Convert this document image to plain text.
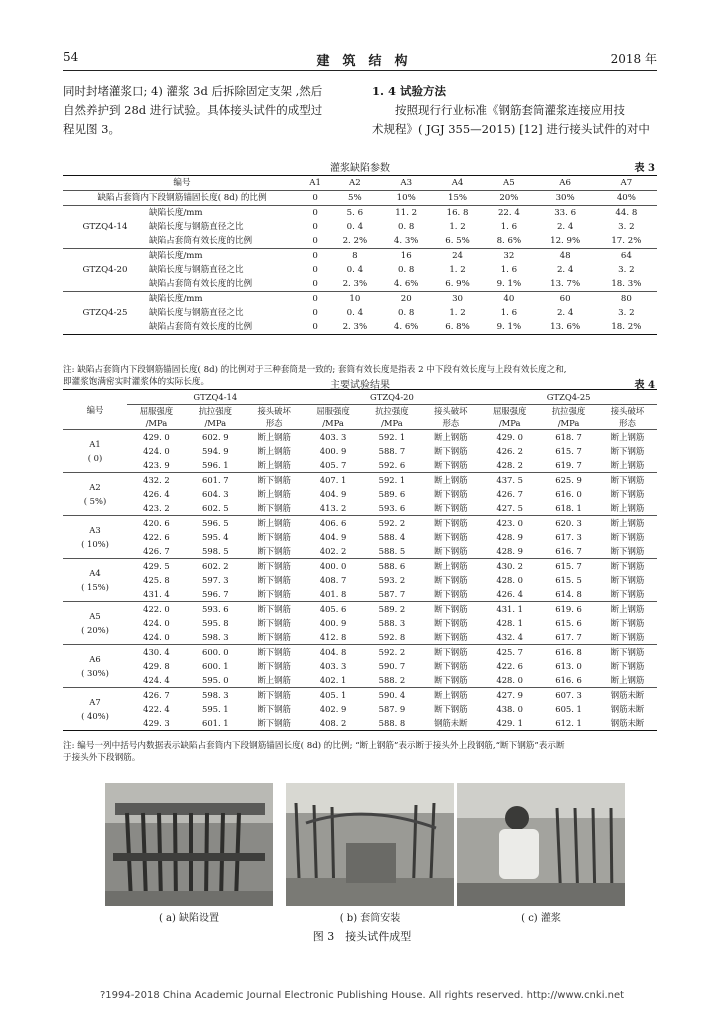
54	建　筑　结　构	2018 年
同时封堵灌浆口; 4) 灌浆 3d 后拆除固定支架 ,然后
自然养护到 28d 进行试验。具体接头试件的成型过
程见图 3。
1. 4 试验方法
按照现行行业标准《钢筋套筒灌浆连接应用技
术规程》( JGJ 355—2015) [12] 进行接头试件的对中
灌浆缺陷参数	表 3
编号		A1	A2	A3	A4	A5	A6	A7
缺陷占套筒内下段钢筋锚固长度( 8d) 的比例		0	5%	10%	15%	20%	30%	40%
GTZQ4-14	缺陷长度/mm	0	5. 6	11. 2	16. 8	22. 4	33. 6	44. 8
	缺陷长度与钢筋直径之比	0	0. 4	0. 8	1. 2	1. 6	2. 4	3. 2
	缺陷占套筒有效长度的比例	0	2. 2%	4. 3%	6. 5%	8. 6%	12. 9%	17. 2%
GTZQ4-20	缺陷长度/mm	0	8	16	24	32	48	64
	缺陷长度与钢筋直径之比	0	0. 4	0. 8	1. 2	1. 6	2. 4	3. 2
	缺陷占套筒有效长度的比例	0	2. 3%	4. 6%	6. 9%	9. 1%	13. 7%	18. 3%
GTZQ4-25	缺陷长度/mm	0	10	20	30	40	60	80
	缺陷长度与钢筋直径之比	0	0. 4	0. 8	1. 2	1. 6	2. 4	3. 2
	缺陷占套筒有效长度的比例	0	2. 3%	4. 6%	6. 8%	9. 1%	13. 6%	18. 2%
注: 缺陷占套筒内下段钢筋锚固长度( 8d) 的比例对于三种套筒是一致的; 套筒有效长度是指表 2 中下段有效长度与上段有效长度之和,
即灌浆饱满密实时灌浆体的实际长度。	主要试验结果	表 4
编号	GTZQ4-14			GTZQ4-20			GTZQ4-25		
	屈服强度	抗拉强度	接头破坏	屈服强度	抗拉强度	接头破坏	屈服强度	抗拉强度	接头破坏
	/MPa	/MPa	形态	/MPa	/MPa	形态	/MPa	/MPa	形态

A1
( 0)	429. 0	602. 9	断上钢筋	403. 3	592. 1	断上钢筋	429. 0	618. 7	断上钢筋
	424. 0	594. 9	断上钢筋	400. 9	588. 7	断下钢筋	426. 2	615. 7	断下钢筋
	423. 9	596. 1	断上钢筋	405. 7	592. 6	断下钢筋	428. 2	619. 7	断上钢筋

A2
( 5%)	432. 2	601. 7	断下钢筋	407. 1	592. 1	断上钢筋	437. 5	625. 9	断下钢筋
	426. 4	604. 3	断上钢筋	404. 9	589. 6	断下钢筋	426. 7	616. 0	断下钢筋
	423. 2	602. 5	断下钢筋	413. 2	593. 6	断下钢筋	427. 5	618. 1	断上钢筋

A3
( 10%)	420. 6	596. 5	断上钢筋	406. 6	592. 2	断下钢筋	423. 0	620. 3	断上钢筋
	422. 6	595. 4	断下钢筋	404. 9	588. 4	断下钢筋	428. 9	617. 3	断下钢筋
	426. 7	598. 5	断下钢筋	402. 2	588. 5	断下钢筋	428. 9	616. 7	断下钢筋

A4
( 15%)	429. 5	602. 2	断下钢筋	400. 0	588. 6	断上钢筋	430. 2	615. 7	断下钢筋
	425. 8	597. 3	断下钢筋	408. 7	593. 2	断下钢筋	428. 0	615. 5	断下钢筋
	431. 4	596. 7	断下钢筋	401. 8	587. 7	断下钢筋	426. 4	614. 8	断下钢筋

A5
( 20%)	422. 0	593. 6	断下钢筋	405. 6	589. 2	断下钢筋	431. 1	619. 6	断上钢筋
	424. 0	595. 8	断下钢筋	400. 9	588. 3	断下钢筋	428. 1	615. 6	断下钢筋
	424. 0	598. 3	断下钢筋	412. 8	592. 8	断下钢筋	432. 4	617. 7	断下钢筋

A6
( 30%)	430. 4	600. 0	断下钢筋	404. 8	592. 2	断下钢筋	425. 7	616. 8	断下钢筋
	429. 8	600. 1	断下钢筋	403. 3	590. 7	断下钢筋	422. 6	613. 0	断下钢筋
	424. 4	595. 0	断上钢筋	402. 1	588. 2	断下钢筋	428. 0	616. 6	断上钢筋

A7
( 40%)	426. 7	598. 3	断下钢筋	405. 1	590. 4	断上钢筋	427. 9	607. 3	钢筋未断
	422. 4	595. 1	断下钢筋	402. 9	587. 9	断下钢筋	438. 0	605. 1	钢筋未断
	429. 3	601. 1	断下钢筋	408. 2	588. 8	钢筋未断	429. 1	612. 1	钢筋未断
注: 编号一列中括号内数据表示缺陷占套筒内下段钢筋锚固长度( 8d) 的比例; “断上钢筋”表示断于接头外上段钢筋,“断下钢筋”表示断
于接头外下段钢筋。
( a) 缺陷设置	( b) 套筒安装	( c) 灌浆
图 3　接头试件成型
?1994-2018 China Academic Journal Electronic Publishing House. All rights reserved. http://www.cnki.net
